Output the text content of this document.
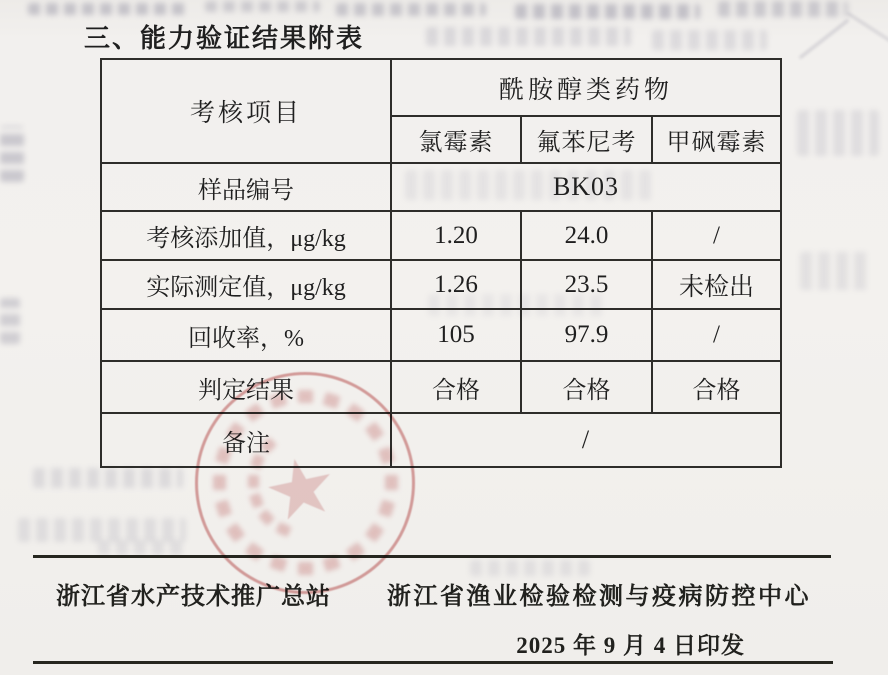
三、能力验证结果附表
考核项目	酰胺醇类药物		
	氯霉素	氟苯尼考	甲砜霉素
样品编号	BK03		
考核添加值，μg/kg	1.20	24.0	/
实际测定值，μg/kg	1.26	23.5	未检出
回收率，%	105	97.9	/
判定结果	合格	合格	合格
备注	/		
浙江省水产技术推广总站 浙江省渔业检验检测与疫病防控中心
2025 年 9 月 4 日印发
